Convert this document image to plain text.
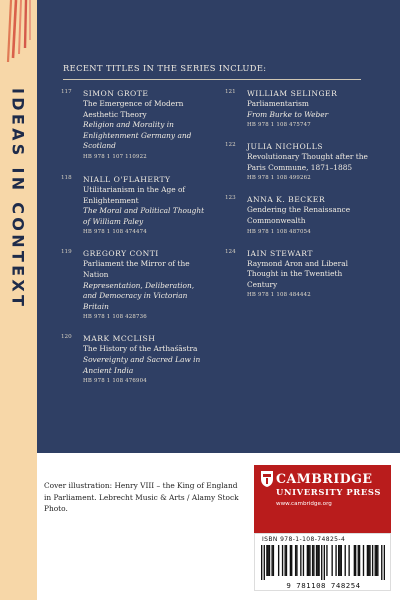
IDEAS IN CONTEXT
RECENT TITLES IN THE SERIES INCLUDE:
117 SIMON GROTE
The Emergence of Modern Aesthetic Theory
Religion and Morality in Enlightenment Germany and Scotland
HB 978 1 107 110922
118 NIALL O'FLAHERTY
Utilitarianism in the Age of Enlightenment
The Moral and Political Thought of William Paley
HB 978 1 108 474474
119 GREGORY CONTI
Parliament the Mirror of the Nation
Representation, Deliberation, and Democracy in Victorian Britain
HB 978 1 108 428736
120 MARK MCCLISH
The History of the Arthaśāstra
Sovereignty and Sacred Law in Ancient India
HB 978 1 108 476904
121 WILLIAM SELINGER
Parliamentarism
From Burke to Weber
HB 978 1 108 475747
122 JULIA NICHOLLS
Revolutionary Thought after the Paris Commune, 1871–1885
HB 978 1 108 499262
123 ANNA K. BECKER
Gendering the Renaissance Commonwealth
HB 978 1 108 487054
124 IAIN STEWART
Raymond Aron and Liberal Thought in the Twentieth Century
HB 978 1 108 484442
Cover illustration: Henry VIII – the King of England in Parliament. Lebrecht Music & Arts / Alamy Stock Photo.
CAMBRIDGE
UNIVERSITY PRESS
www.cambridge.org
ISBN 978-1-108-74825-4
9 781108 748254
